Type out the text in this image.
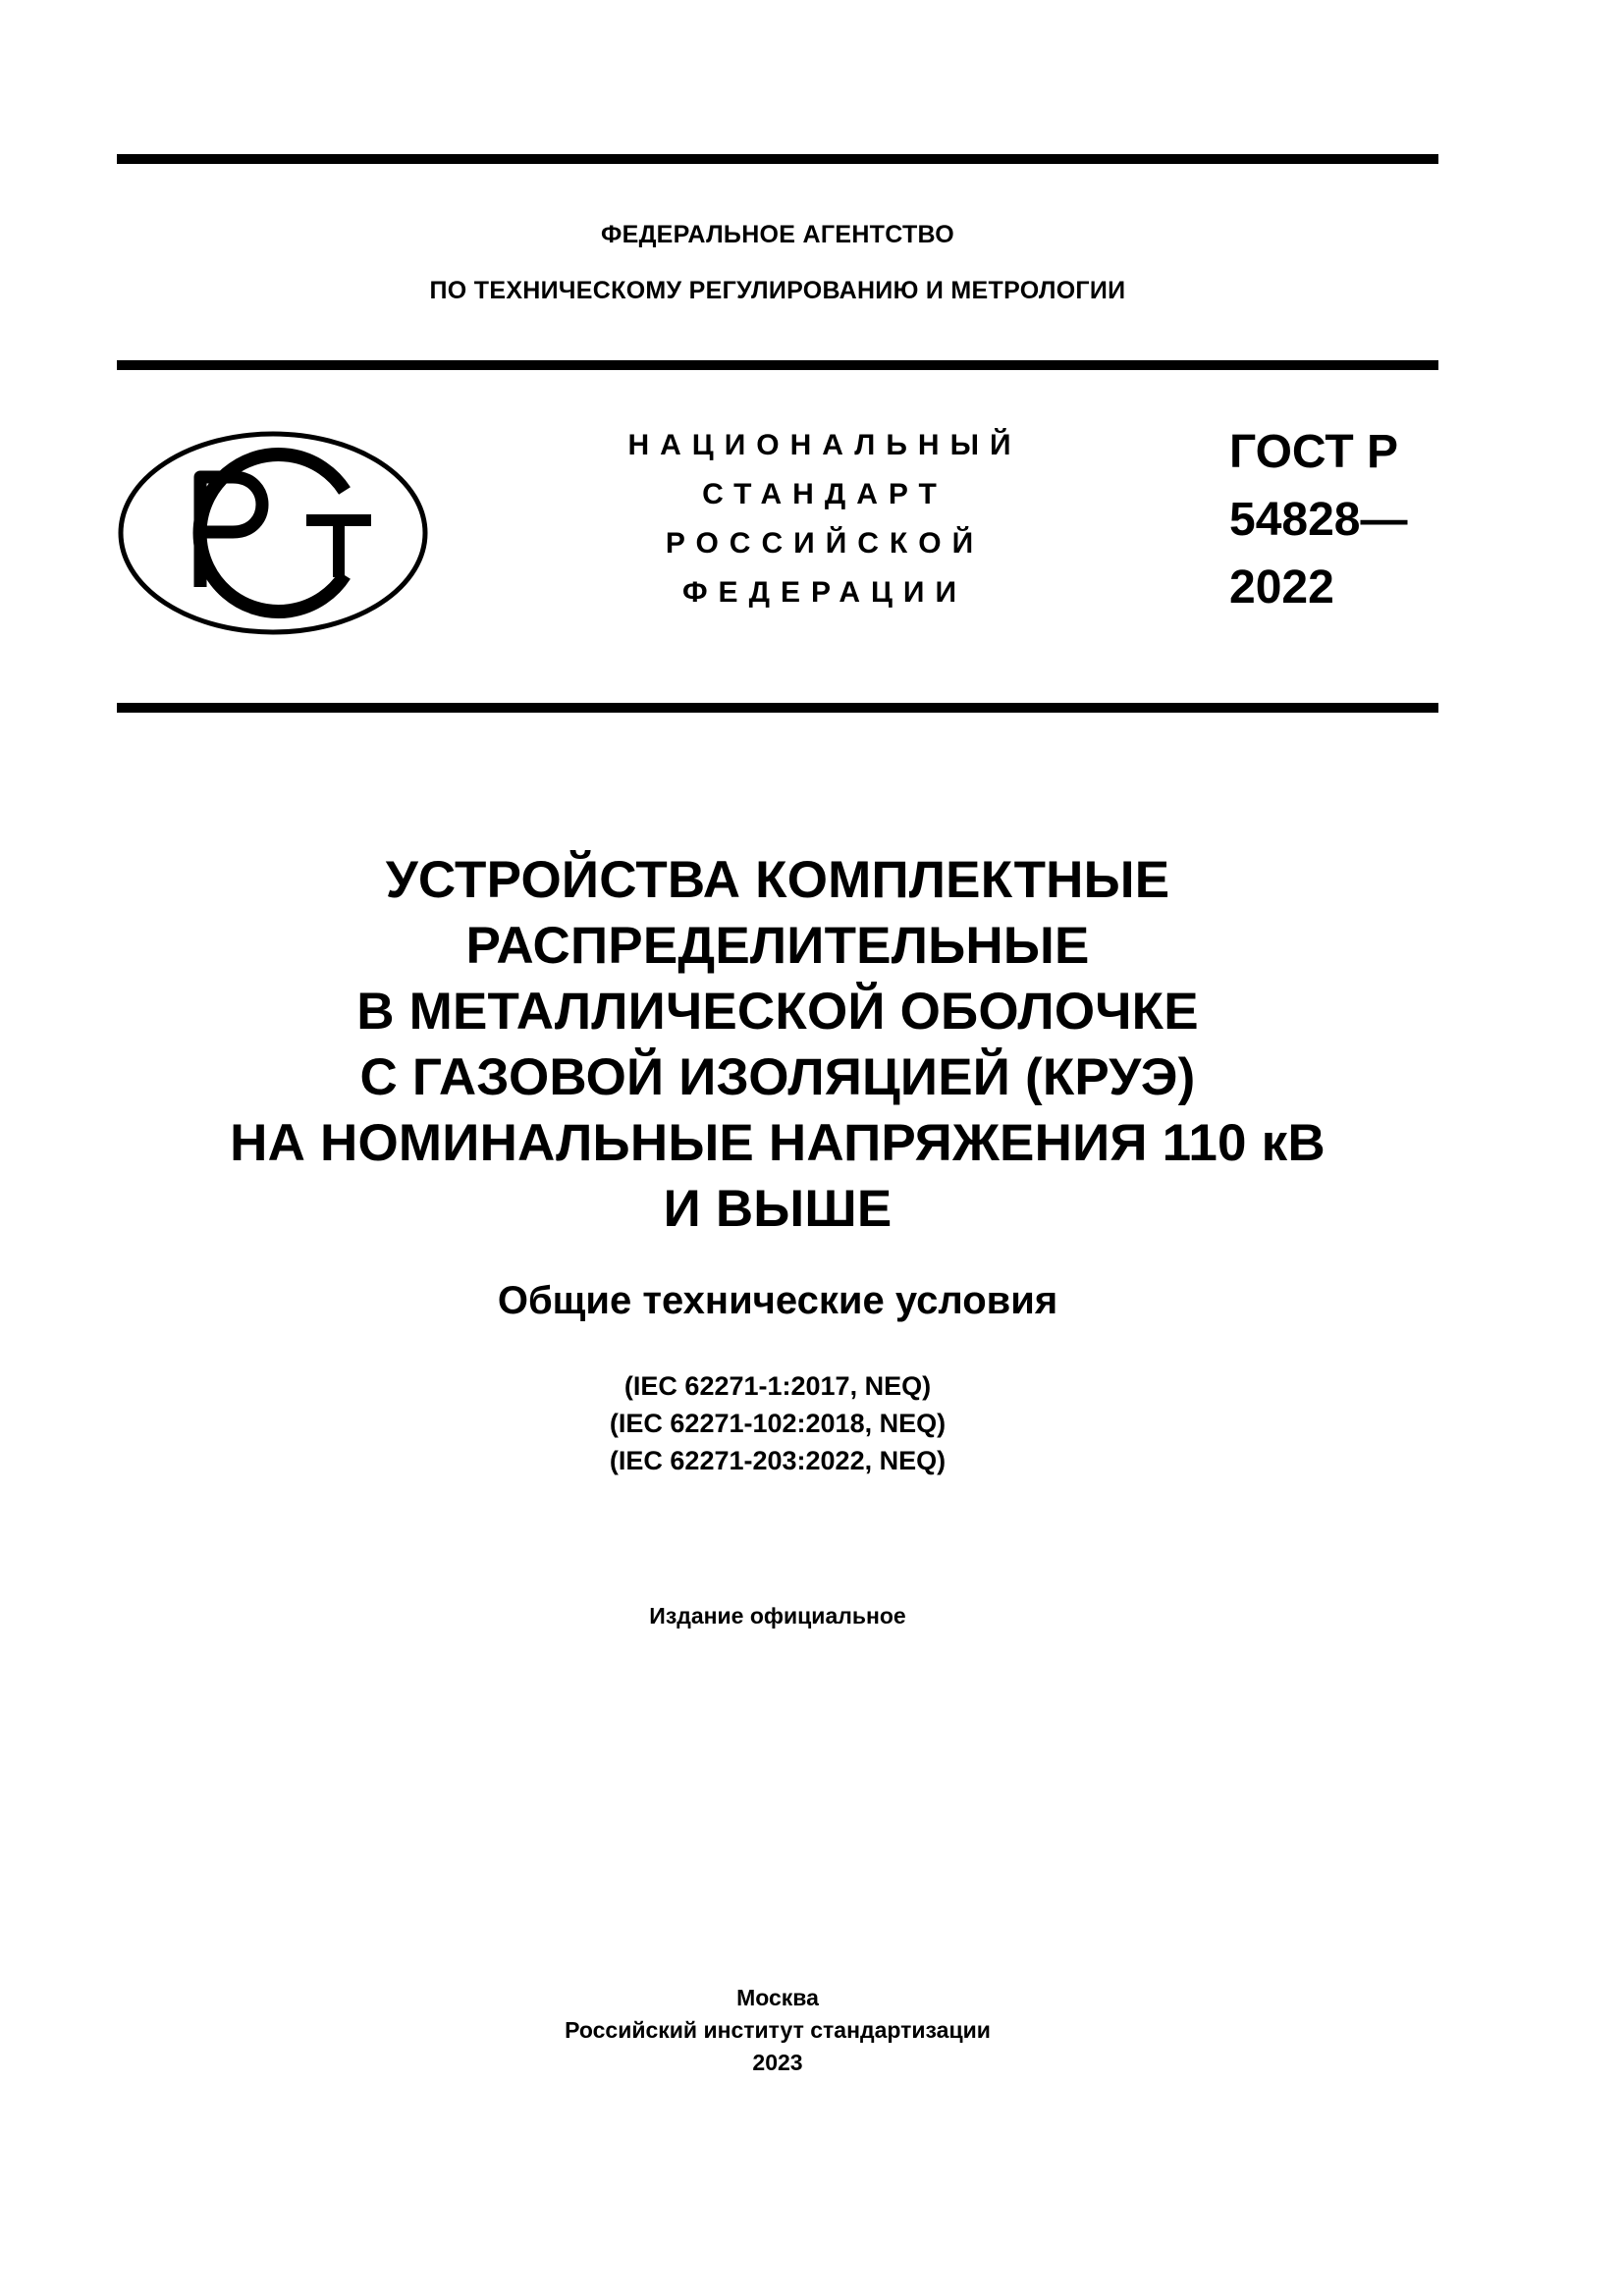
ФЕДЕРАЛЬНОЕ АГЕНТСТВО
ПО ТЕХНИЧЕСКОМУ РЕГУЛИРОВАНИЮ И МЕТРОЛОГИИ
НАЦИОНАЛЬНЫЙ
СТАНДАРТ
РОССИЙСКОЙ
ФЕДЕРАЦИИ
ГОСТ Р
54828—
2022
УСТРОЙСТВА КОМПЛЕКТНЫЕ
РАСПРЕДЕЛИТЕЛЬНЫЕ
В МЕТАЛЛИЧЕСКОЙ ОБОЛОЧКЕ
С ГАЗОВОЙ ИЗОЛЯЦИЕЙ (КРУЭ)
НА НОМИНАЛЬНЫЕ НАПРЯЖЕНИЯ 110 кВ
И ВЫШЕ
Общие технические условия
(IEC 62271-1:2017, NEQ)
(IEC 62271-102:2018, NEQ)
(IEC 62271-203:2022, NEQ)
Издание официальное
Москва
Российский институт стандартизации
2023
